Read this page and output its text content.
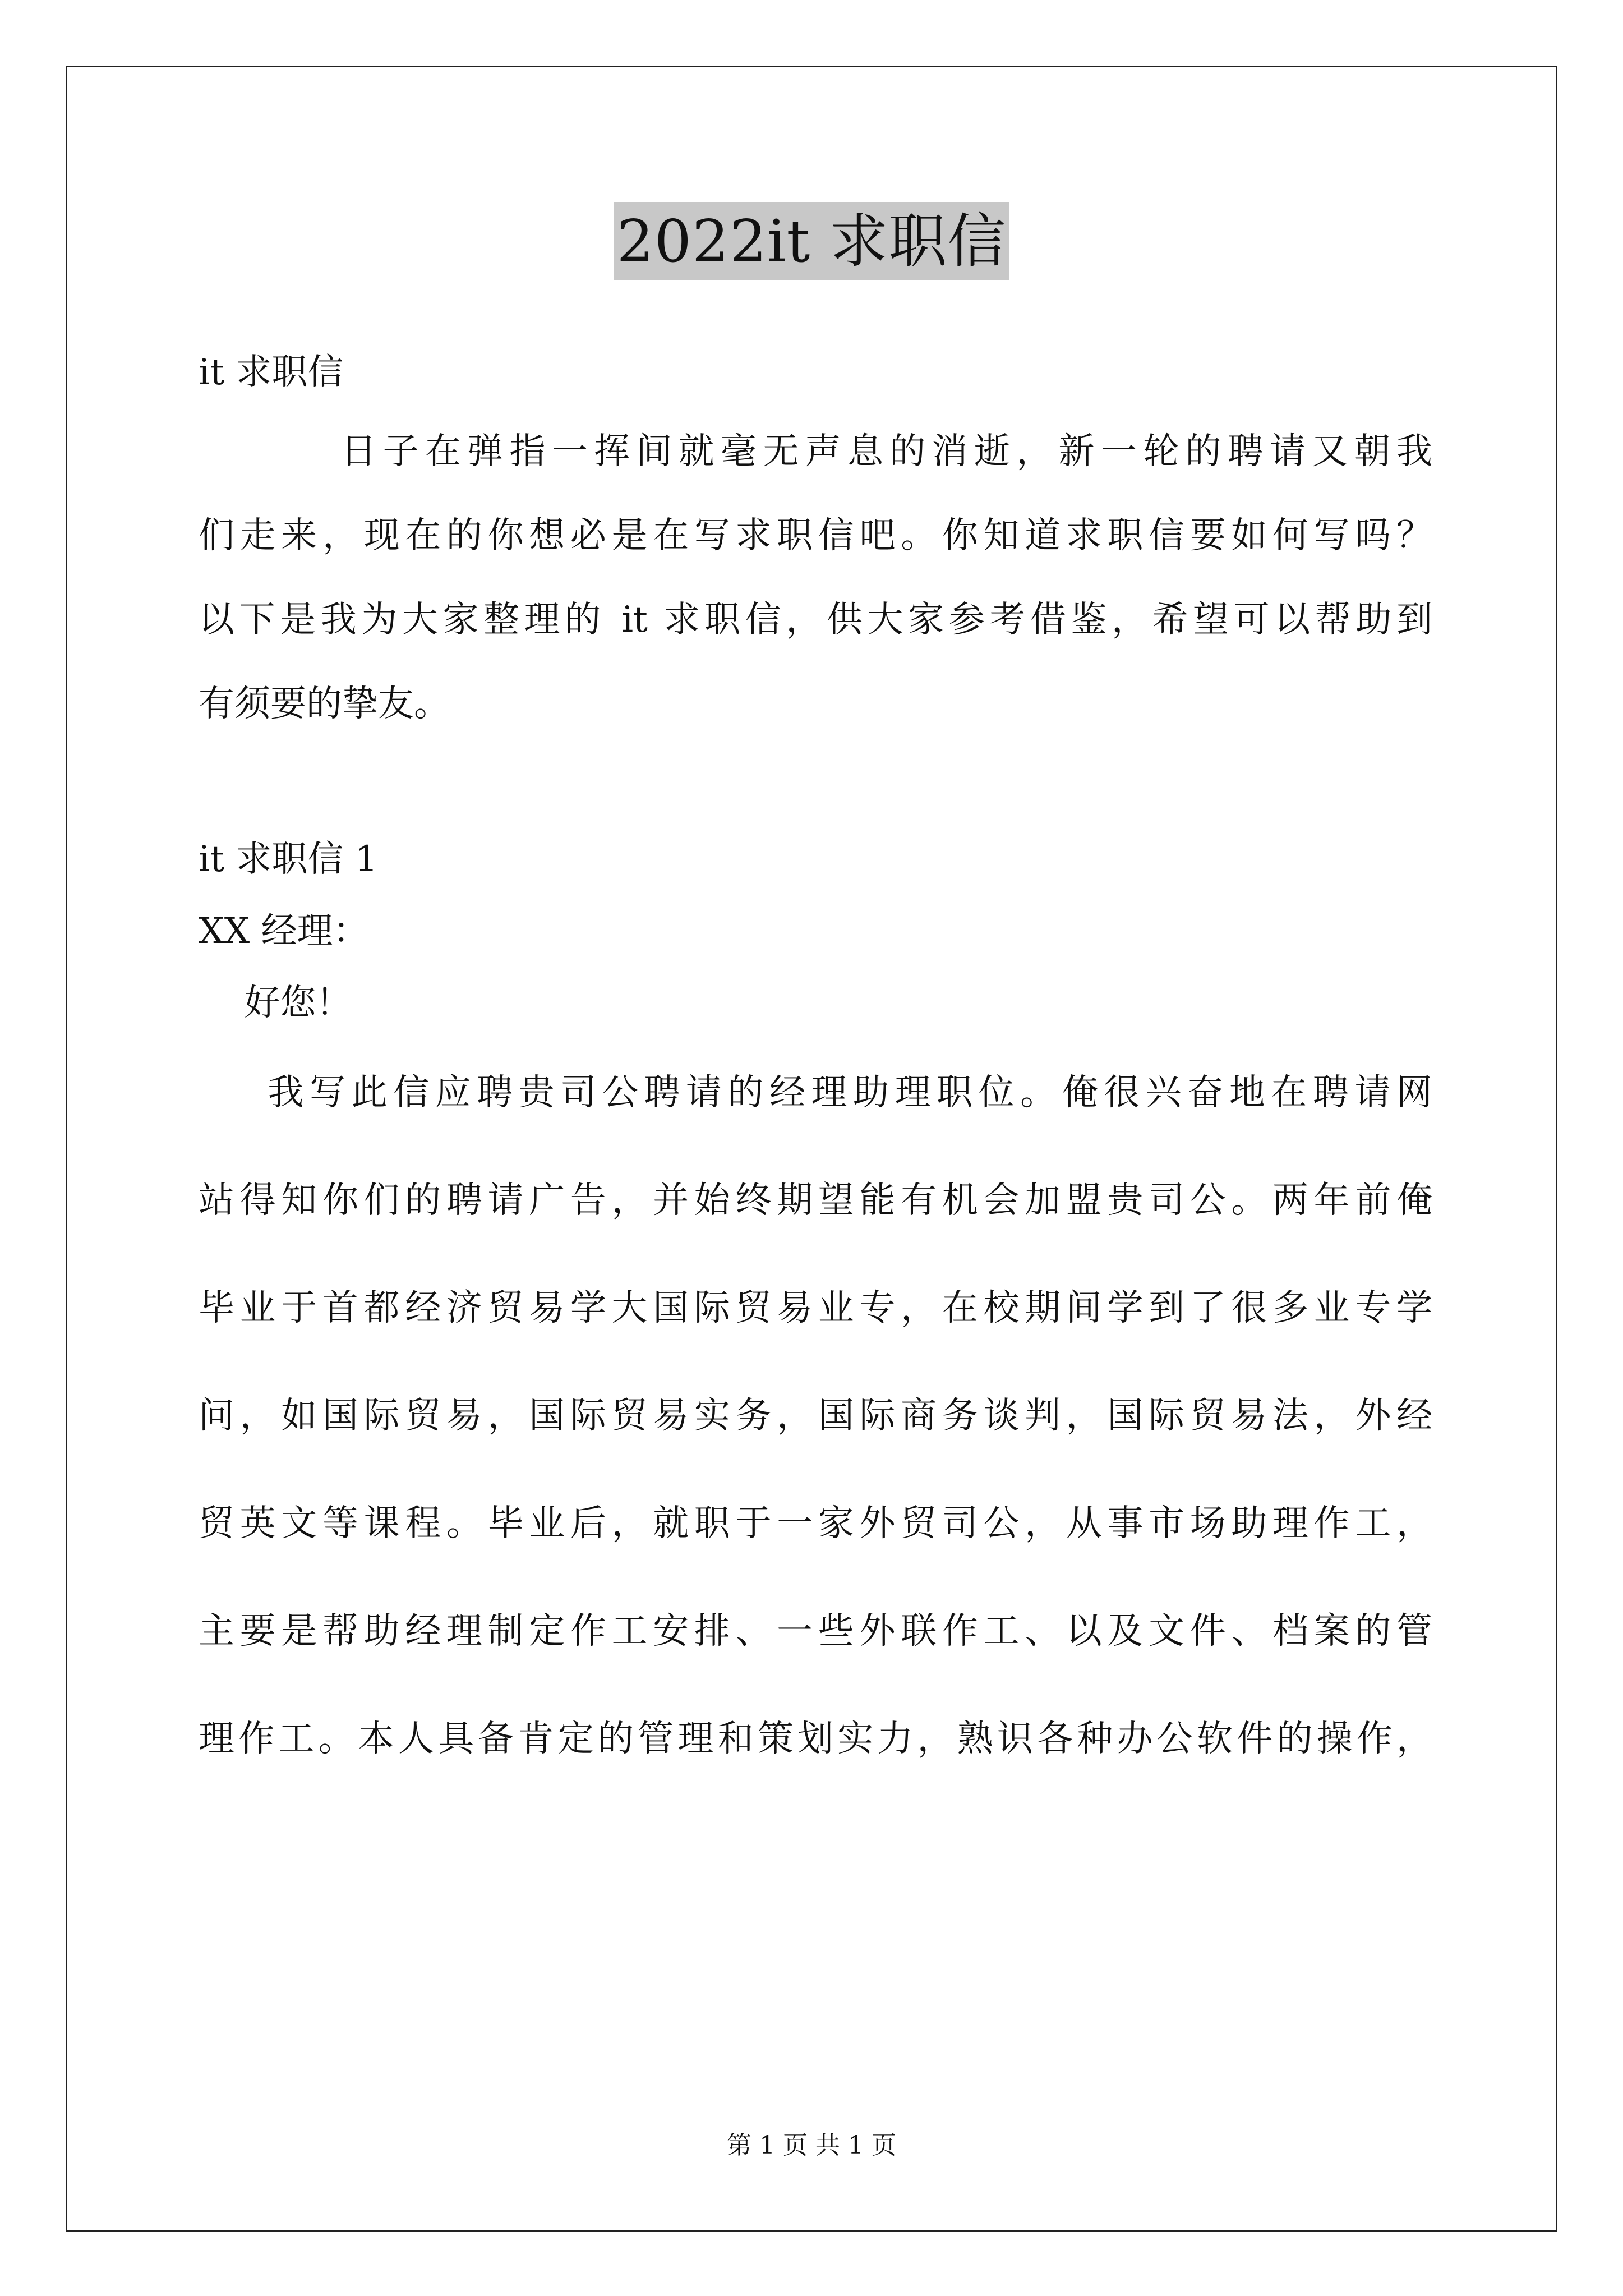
2022it 求职信

it 求职信

日子在弹指一挥间就毫无声息的消逝，新一轮的聘请又朝我

们走来，现在的你想必是在写求职信吧。你知道求职信要如何写吗？

以下是我为大家整理的 it 求职信，供大家参考借鉴，希望可以帮助到

有须要的挚友。

it 求职信 1

XX 经理：

好您！

我写此信应聘贵司公聘请的经理助理职位。俺很兴奋地在聘请网

站得知你们的聘请广告，并始终期望能有机会加盟贵司公。两年前俺

毕业于首都经济贸易学大国际贸易业专，在校期间学到了很多业专学

问，如国际贸易，国际贸易实务，国际商务谈判，国际贸易法，外经

贸英文等课程。毕业后，就职于一家外贸司公，从事市场助理作工，

主要是帮助经理制定作工安排、一些外联作工、以及文件、档案的管

理作工。本人具备肯定的管理和策划实力，熟识各种办公软件的操作，

第 1 页 共 1 页
